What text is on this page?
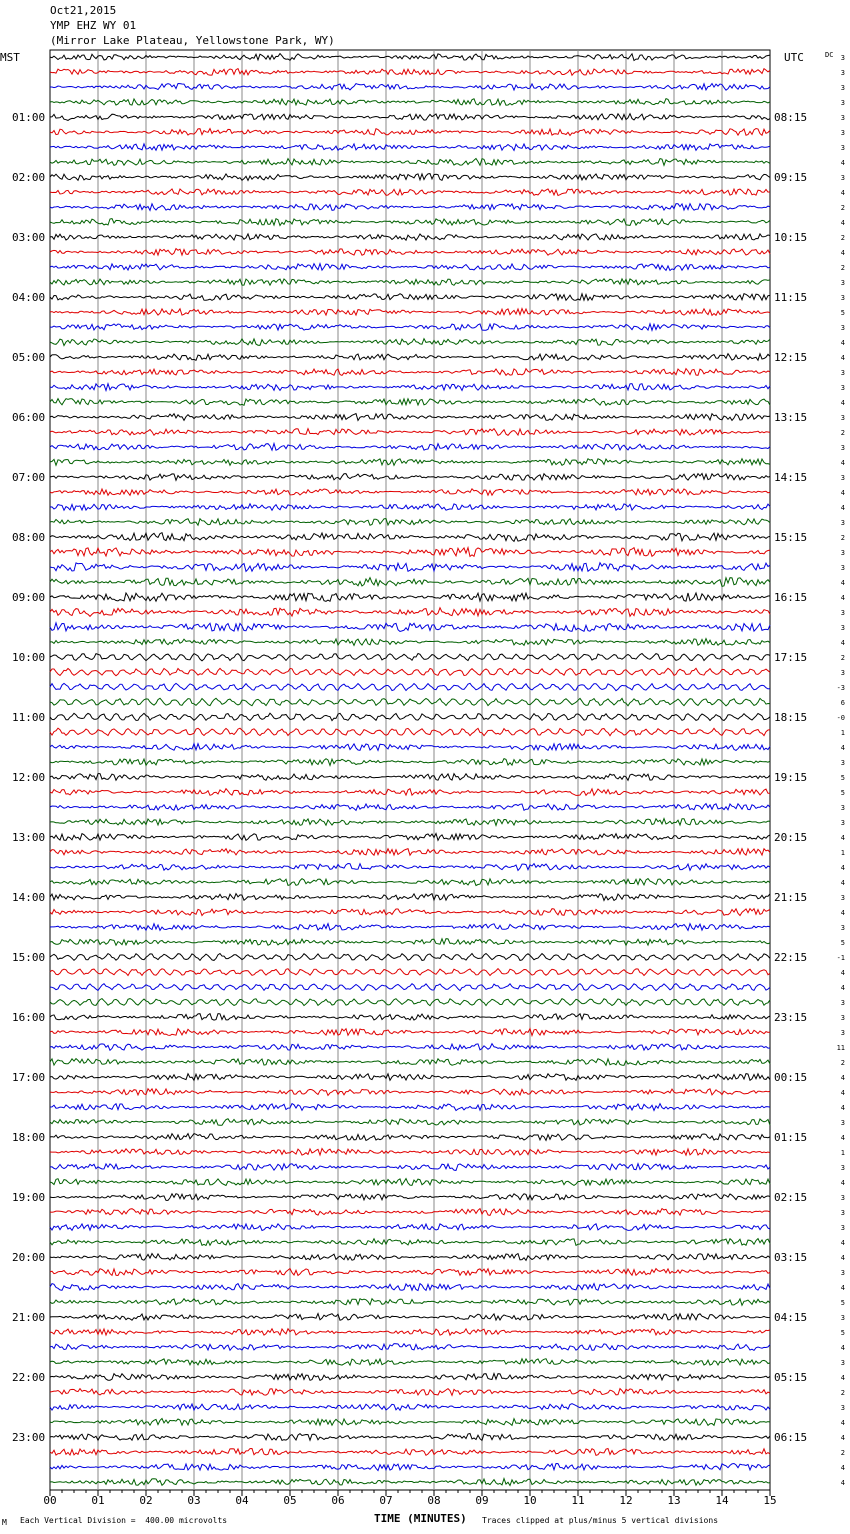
Oct21,2015
YMP EHZ WY 01
(Mirror Lake Plateau, Yellowstone Park, WY)
00	01	02	03	04	05	06	07	08	09	10	11	12	13	14	15
MST	UTC	DC
01:00
02:00
03:00
04:00
05:00
06:00
07:00
08:00
09:00
10:00
11:00
12:00
13:00
14:00
15:00
16:00
17:00
18:00
19:00
20:00
21:00
22:00
23:00
08:15
09:15
10:15
11:15
12:15
13:15
14:15
15:15
16:15
17:15
18:15
19:15
20:15
21:15
22:15
23:15
00:15
01:15
02:15
03:15
04:15
05:15
06:15
3
3
3
3
3
3
3
4
3
4
2
4
2
4
2
3
3
5
3
4
4
3
3
4
3
2
3
4
3
4
4
3
2
3
3
4
4
3
3
4
2
3
-3
6
-0
1
4
3
5
5
3
3
4
1
4
4
3
4
3
5
-1
4
4
3
3
3
11
2
4
4
4
3
4
1
3
4
3
3
3
4
4
3
4
5
3
5
4
3
4
2
3
4
4
2
4
4
M Each Vertical Division =  400.00 microvolts	TIME (MINUTES) Traces clipped at plus/minus 5 vertical divisions
